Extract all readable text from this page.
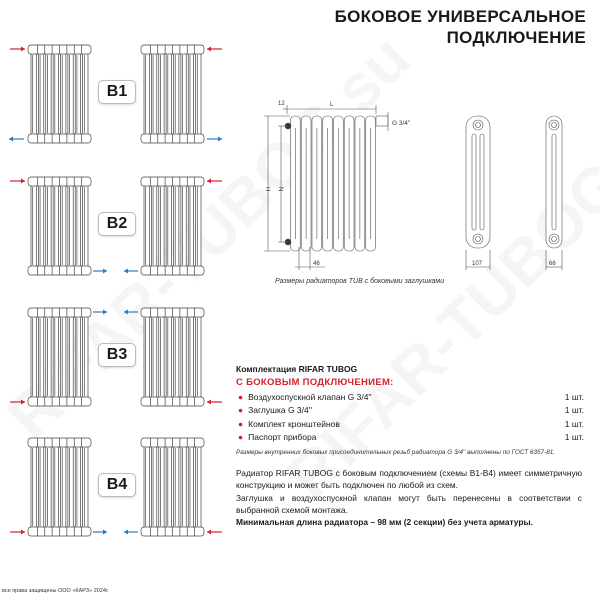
БОКОВОЕ УНИВЕРСАЛЬНОЕ
ПОДКЛЮЧЕНИЕ
B1
B2
B3
B4
12	L
H N
46
G 3/4''
107	66
Размеры радиаторов TUB с боковыми заглушками
Комплектация RIFAR TUBOG
С БОКОВЫМ ПОДКЛЮЧЕНИЕМ:
● Воздухоспускной клапан G 3/4''	1 шт.
● Заглушка G 3/4''	1 шт.
● Комплект кронштейнов	1 шт.
● Паспорт прибора	1 шт.
Размеры внутренних боковых присоединительных резьб радиатора G 3/4'' выполнены по ГОСТ 6357-81.

Радиатор RIFAR TUBOG с боковым подключением (схемы В1-В4) имеет симметричную конструкцию и может быть подключен по любой из схем.

Заглушка и воздухоспускной клапан могут быть перенесены в соответствии с выбранной схемой монтажа.

Минимальная длина радиатора – 98 мм (2 секции) без учета арматуры.

все права защищены ООО «КАРЗ» 2024г.
